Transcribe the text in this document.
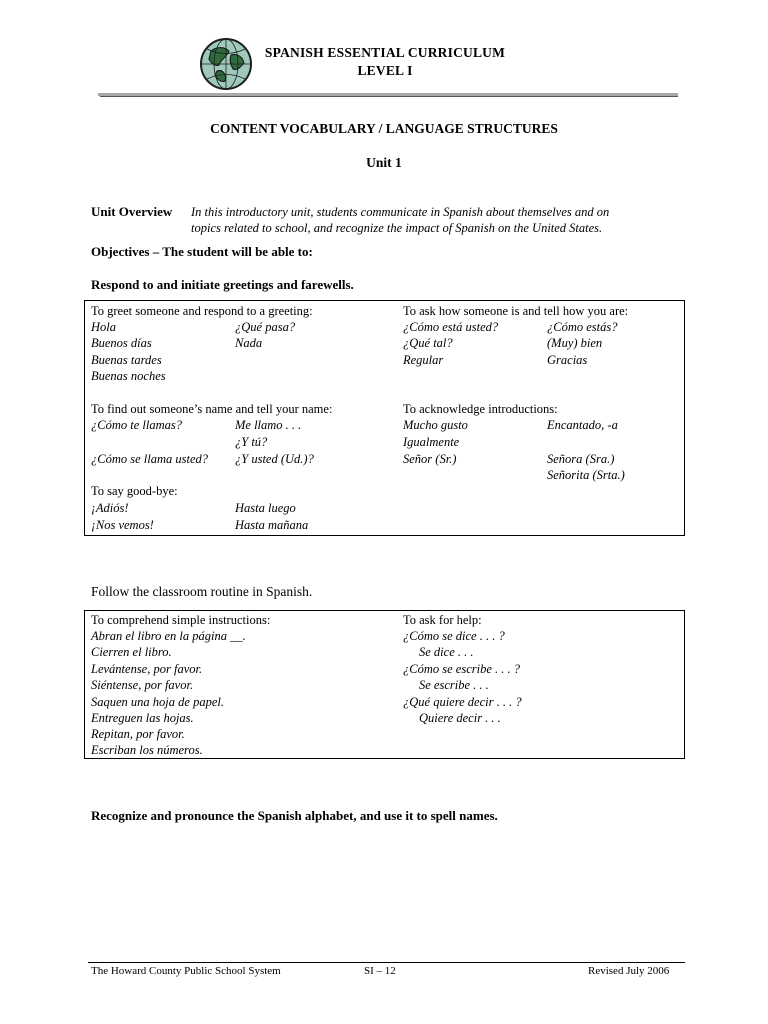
SPANISH ESSENTIAL CURRICULUM
LEVEL I
CONTENT VOCABULARY / LANGUAGE STRUCTURES
Unit 1
Unit Overview In this introductory unit, students communicate in Spanish about themselves and on
topics related to school, and recognize the impact of Spanish on the United States.
Objectives – The student will be able to:
Respond to and initiate greetings and farewells.
To greet someone and respond to a greeting:
Hola
Buenos días
Buenas tardes
Buenas noches
¿Qué pasa?
Nada
To ask how someone is and tell how you are:
¿Cómo está usted?
¿Qué tal?
Regular
¿Cómo estás?
(Muy) bien
Gracias
To find out someone’s name and tell your name:
¿Cómo te llamas?
¿Cómo se llama usted?
Me llamo . . .
¿Y tú?
¿Y usted (Ud.)?
To acknowledge introductions:
Mucho gusto
Igualmente
Señor (Sr.)
Encantado, -a
Señora (Sra.)
Señorita (Srta.)
To say good-bye:
¡Adiós!
¡Nos vemos!
Hasta luego
Hasta mañana
Follow the classroom routine in Spanish.
To comprehend simple instructions:
Abran el libro en la página __.
Cierren el libro.
Levántense, por favor.
Siéntense, por favor.
Saquen una hoja de papel.
Entreguen las hojas.
Repitan, por favor.
Escriban los números.
To ask for help:
¿Cómo se dice . . . ?
Se dice . . .
¿Cómo se escribe . . . ?
Se escribe . . .
¿Qué quiere decir . . . ?
Quiere decir . . .
Recognize and pronounce the Spanish alphabet, and use it to spell names.
The Howard County Public School System	SI – 12	Revised July 2006
